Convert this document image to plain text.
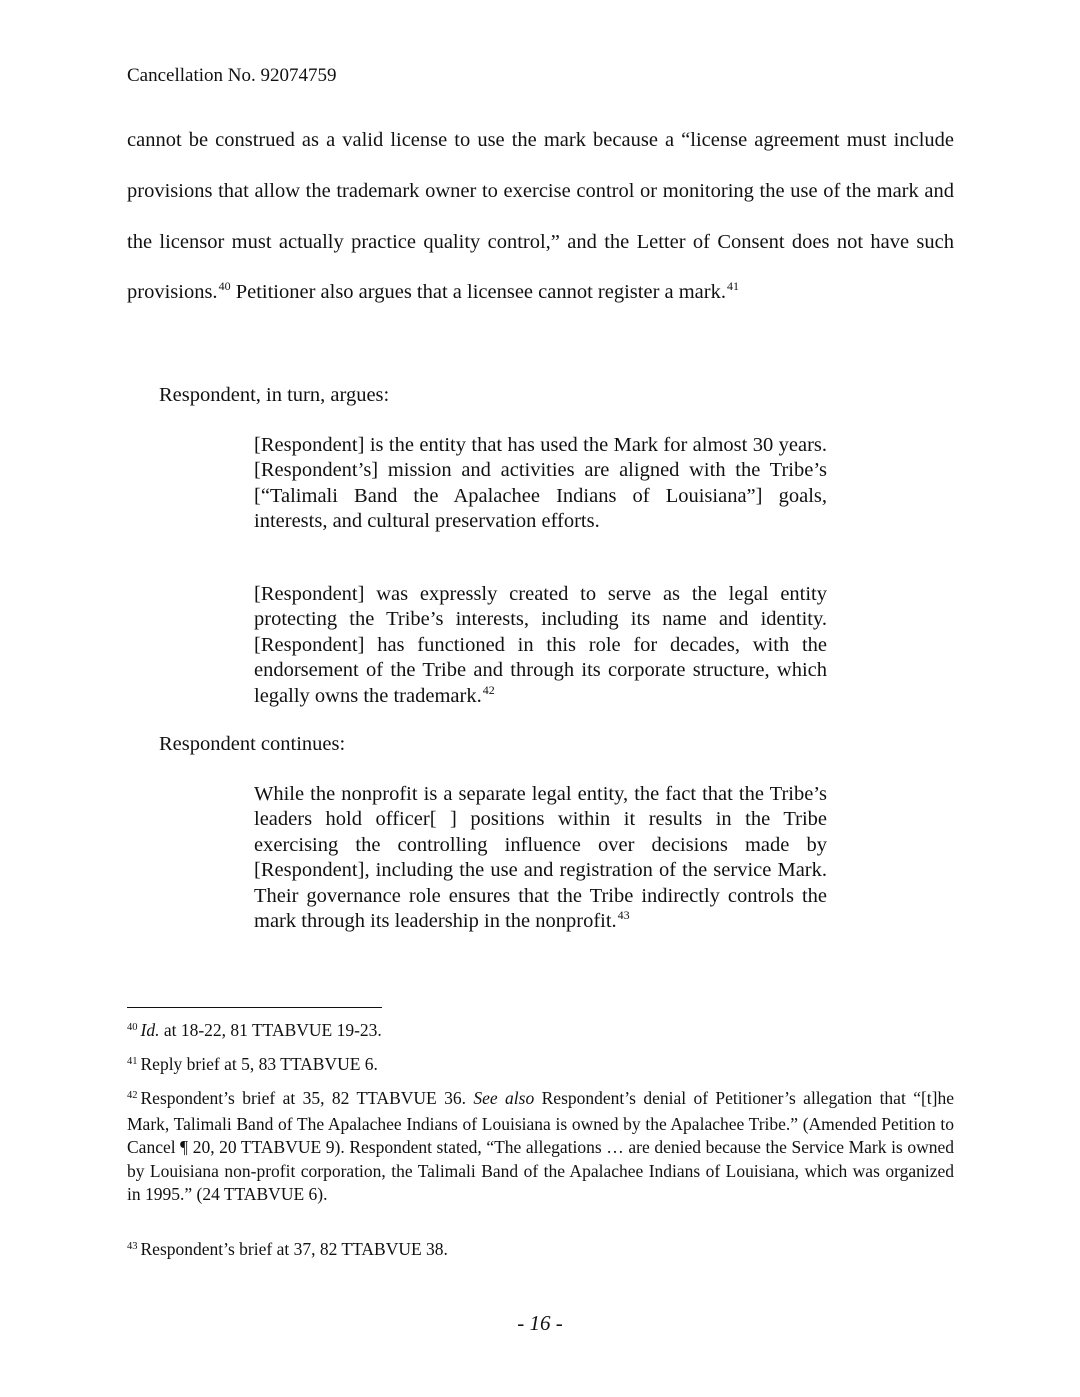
Cancellation No. 92074759

cannot be construed as a valid license to use the mark because a “license agreement must include provisions that allow the trademark owner to exercise control or monitoring the use of the mark and the licensor must actually practice quality control,” and the Letter of Consent does not have such provisions.$^{40}$ Petitioner also argues that a licensee cannot register a mark.$^{41}$

Respondent, in turn, argues:

[Respondent] is the entity that has used the Mark for almost 30 years. [Respondent’s] mission and activities are aligned with the Tribe’s [“Talimali Band the Apalachee Indians of Louisiana”] goals, interests, and cultural preservation efforts.

[Respondent] was expressly created to serve as the legal entity protecting the Tribe’s interests, including its name and identity. [Respondent] has functioned in this role for decades, with the endorsement of the Tribe and through its corporate structure, which legally owns the trademark.$^{42}$

Respondent continues:

While the nonprofit is a separate legal entity, the fact that the Tribe’s leaders hold officer[ ] positions within it results in the Tribe exercising the controlling influence over decisions made by [Respondent], including the use and registration of the service Mark. Their governance role ensures that the Tribe indirectly controls the mark through its leadership in the nonprofit.$^{43}$

$^{40}$ Id. at 18-22, 81 TTABVUE 19-23.

$^{41}$ Reply brief at 5, 83 TTABVUE 6.

$^{42}$ Respondent’s brief at 35, 82 TTABVUE 36. See also Respondent’s denial of Petitioner’s allegation that “[t]he Mark, Talimali Band of The Apalachee Indians of Louisiana is owned by the Apalachee Tribe.” (Amended Petition to Cancel ¶ 20, 20 TTABVUE 9). Respondent stated, “The allegations … are denied because the Service Mark is owned by Louisiana non-profit corporation, the Talimali Band of the Apalachee Indians of Louisiana, which was organized in 1995.” (24 TTABVUE 6).

$^{43}$ Respondent’s brief at 37, 82 TTABVUE 38.

- 16 -
